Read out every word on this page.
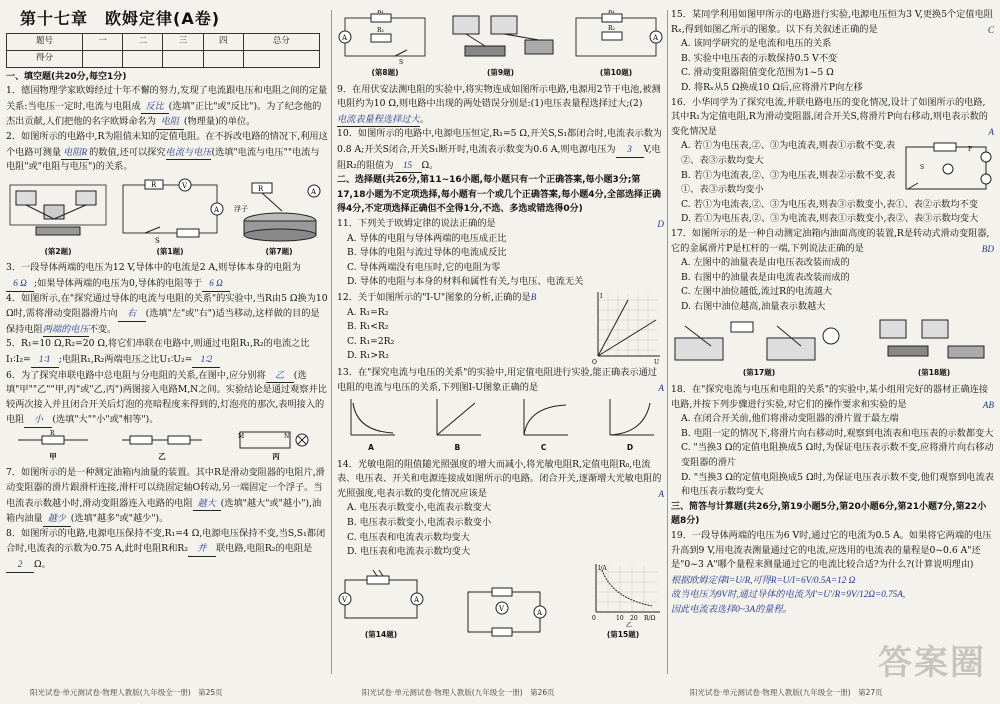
第十七章　欧姆定律(A卷)
题号	一	二	三	四	总分
得分					
一、填空题(共20分,每空1分)

1．德国物理学家欧姆经过十年不懈的努力,发现了电流跟电压和电阻之间的定量关系:当电压一定时,电流与电阻成 反比 (选填"正比"或"反比")。为了纪念他的杰出贡献,人们把他的名字欧姆命名为 电阻 (物理量)的单位。

2．如图所示的电路中,R为阻值未知的定值电阻。在不拆改电路的情况下,利用这个电路可测量 电阻R 的数值,还可以探究电流与电压(选填"电流与电压""电流与电阻"或"电阻与电压")的关系。

(第2题)
R	V
A
S
(第1题)
R
浮子
A
(第7题)

3．一段导体两端的电压为12 V,导体中的电流是2 A,则导体本身的电阻为6 Ω ;如果导体两端的电压为0,导体的电阻等于 6 Ω

4．如图所示,在"探究通过导体的电流与电阻的关系"的实验中,当R由5 Ω换为10 Ω时,需将滑动变阻器滑片向 右 (选填"左"或"右")适当移动,这样做的目的是保持电阻两端的电压不变。

5．R₁=10 Ω,R₂=20 Ω,将它们串联在电路中,则通过电阻R₁,R₂的电流之比I₁∶I₂= 1∶1 ;电阻R₁,R₂两端电压之比U₁∶U₂= 1∶2

6．为了探究串联电路中总电阻与分电阻的关系,在图中,应分别将 乙 (选填"甲""乙""甲,丙"或"乙,丙")两图接入电路M,N之间。实验结论是通过观察并比较两次接入并且闭合开关后灯泡的亮暗程度来得到的,灯泡亮的那次,表明接入的电阻 小 (选填"大""小"或"相等")。

R
甲	乙
M	N
丙

7．如图所示的是一种测定油箱内油量的装置。其中R是滑动变阻器的电阻片,滑动变阻器的滑片跟滑杆连接,滑杆可以绕固定轴O转动,另一端固定一个浮子。当电流表示数越小时,滑动变阻器连入电路的电阻 越大 (选填"越大"或"越小"),油箱内油量 越少 (选填"越多"或"越少")。

8．如图所示的电路,电源电压保持不变,R₁=4 Ω,电源电压保持不变,当S,S₁都闭合时,电流表的示数为0.75 A,此时电阻R和R₂ 并 联电路,电阻R₂的电阻是2 Ω。

A
R₁
R₂
S
(第8题)	(第9题)
R₁
R₂
A
(第10题)

9．在用伏安法测电阻的实验中,将实物连成如图所示电路,电源用2节干电池,被测电阻约为10 Ω,则电路中出现的两处错误分别是:(1)电压表量程选择过大;(2)电流表量程选择过大。

10．如图所示的电路中,电源电压恒定,R₁=5 Ω,开关S,S₁都闭合时,电流表示数为0.8 A;开关S闭合,开关S₁断开时,电流表示数变为0.6 A,则电源电压为 3 V,电阻R₂的阻值为 15 Ω。

二、选择题(共26分,第11~16小题,每小题只有一个正确答案,每小题3分;第17,18小题为不定项选择,每小题有一个或几个正确答案,每小题4分,全部选择正确得4分,不定项选择正确但不全得1分,不选、多选或错选得0分)

11．下列关于欧姆定律的说法正确的是	D

A. 导体的电阻与导体两端的电压成正比

B. 导体的电阻与流过导体的电流成反比

C. 导体两端没有电压时,它的电阻为零

D. 导体的电阻与本身的材料和属性有关,与电压、电流无关

12．关于如图所示的"I-U"图象的分析,正确的是B

A. R₁=R₂

B. R₁<R₂

C. R₁=2R₂

D. R₁>R₂

O
I
U

13．在"探究电流与电压的关系"的实验中,用定值电阻进行实验,能正确表示通过电阻的电流与电压的关系,下列图I-U图象正确的是	A

A	B	C	D

14．光敏电阻的阻值随光照强度的增大而减小,将光敏电阻R,定值电阻R₀,电流表、电压表、开关和电源连接成如图所示的电路。闭合开关,逐渐增大光敏电阻的光照强度,电表示数的变化情况应该是	A

A. 电压表示数变小,电流表示数变大

B. 电压表示数变小,电流表示数变小

C. 电压表和电流表示数均变大

D. 电压表和电流表示数均变大

V	A
(第14题)
A
V
I/A
0	10 20 R/Ω
乙
(第15题)

15．某同学利用如图甲所示的电路进行实验,电源电压恒为3 V,更换5个定值电阻Rₓ,得到如图乙所示的图象。以下有关叙述正确的是	C

A. 该同学研究的是电流和电压的关系

B. 实验中电压表的示数保持0.5 V不变

C. 滑动变阻器阻值变化范围为1~5 Ω

D. 将Rₓ从5 Ω换成10 Ω后,应将滑片P向左移

16．小华同学为了探究电流,并联电路电压的变化情况,设计了如图所示的电路,其中R₁为定值电阻,R为滑动变阻器,闭合开关S,将滑片P向右移动,则电表示数的变化情况是	A

A. 若①为电压表,②、③为电流表,则表①示数不变,表②、表③示数均变大

B. 若①为电流表,②、③为电压表,则表②示数不变,表①、表③示数均变小

S
P

C. 若①为电流表,②、③为电压表,则表③示数变小,表①、表②示数均不变

D. 若①为电压表,②、③为电流表,则表①示数变小,表②、表③示数均变大

17．如图所示的是一种自动测定油箱内油面高度的装置,R是转动式滑动变阻器,它的金属滑片P是杠杆的一端,下列说法正确的是	BD

A. 左图中的油量表是由电压表改装而成的

B. 右图中的油量表是由电流表改装而成的

C. 左图中油位越低,流过R的电流越大

D. 右图中油位越高,油量表示数越大

(第17题)	(第18题)

18．在"探究电流与电压和电阻的关系"的实验中,某小组用完好的器材正确连接电路,并按下列步骤进行实验,对它们的操作要求和实验的是	AB

A. 在闭合开关前,他们将滑动变阻器的滑片置于最左端

B. 电阻一定的情况下,将滑片向右移动时,观察到电流表和电压表的示数都变大

C. "当换3 Ω的定值电阻换成5 Ω时,为保证电压表示数不变,应将滑片向右移动变阻器的滑片

D. "当换3 Ω的定值电阻换成5 Ω时,为保证电压表示数不变,他们观察到电流表和电压表示数均变大

三、简答与计算题(共26分,第19小题5分,第20小题6分,第21小题7分,第22小题8分)

19．一段导体两端的电压为6 V时,通过它的电流为0.5 A。如果将它两端的电压升高到9 V,用电流表测量通过它的电流,应选用的电流表的量程是0~0.6 A"还是"0~3 A"哪个量程来测量通过它的电流比较合适?为什么?(计算说明理由)

根据欧姆定律I=U/R,可得R=U/I=6V/0.5A=12 Ω

故当电压为9V时,通过导体的电流为I′=U′/R=9V/12Ω=0.75A,

因此电流表选择0~3A的量程。

阳光试卷·单元测试卷·物理人教版(九年级全一册)　第25页	阳光试卷·单元测试卷·物理人教版(九年级全一册)　第26页	阳光试卷·单元测试卷·物理人教版(九年级全一册)　第27页
答案圈
